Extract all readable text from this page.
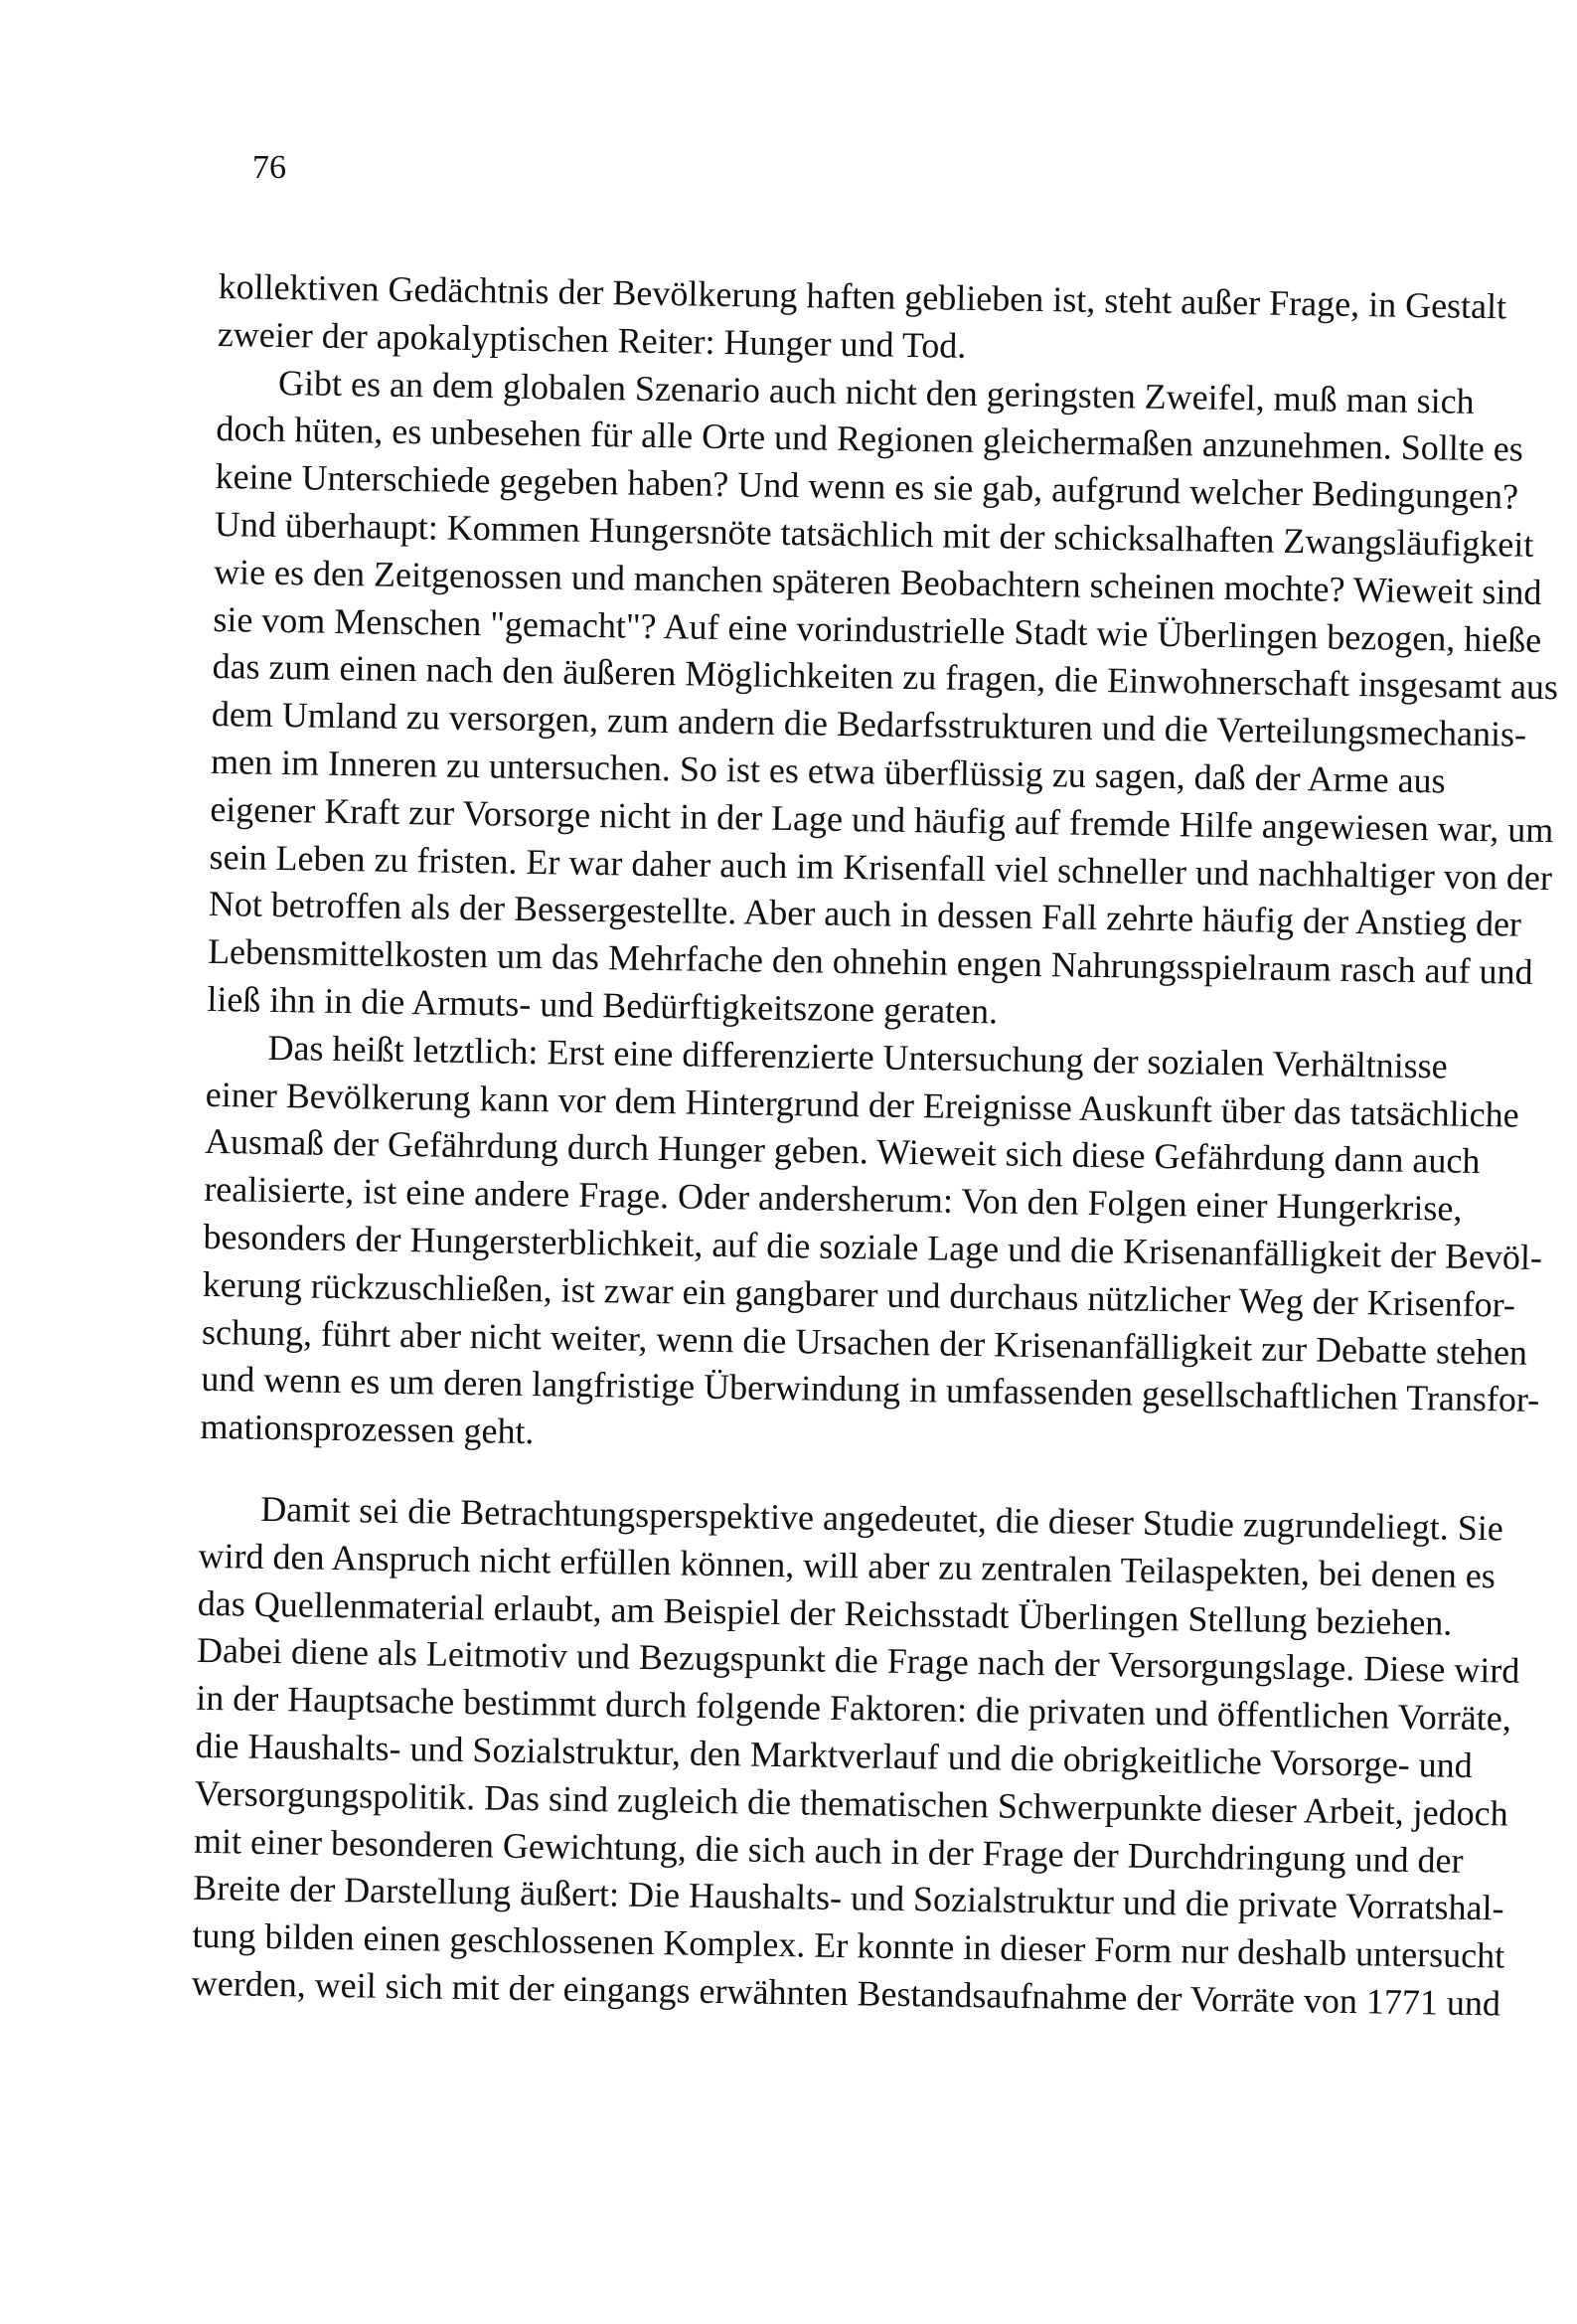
76
kollektiven Gedächtnis der Bevölkerung haften geblieben ist, steht außer Frage, in Gestalt
zweier der apokalyptischen Reiter: Hunger und Tod.
Gibt es an dem globalen Szenario auch nicht den geringsten Zweifel, muß man sich
doch hüten, es unbesehen für alle Orte und Regionen gleichermaßen anzunehmen. Sollte es
keine Unterschiede gegeben haben? Und wenn es sie gab, aufgrund welcher Bedingungen?
Und überhaupt: Kommen Hungersnöte tatsächlich mit der schicksalhaften Zwangsläufigkeit
wie es den Zeitgenossen und manchen späteren Beobachtern scheinen mochte? Wieweit sind
sie vom Menschen "gemacht"? Auf eine vorindustrielle Stadt wie Überlingen bezogen, hieße
das zum einen nach den äußeren Möglichkeiten zu fragen, die Einwohnerschaft insgesamt aus
dem Umland zu versorgen, zum andern die Bedarfsstrukturen und die Verteilungsmechanis-
men im Inneren zu untersuchen. So ist es etwa überflüssig zu sagen, daß der Arme aus
eigener Kraft zur Vorsorge nicht in der Lage und häufig auf fremde Hilfe angewiesen war, um
sein Leben zu fristen. Er war daher auch im Krisenfall viel schneller und nachhaltiger von der
Not betroffen als der Bessergestellte. Aber auch in dessen Fall zehrte häufig der Anstieg der
Lebensmittelkosten um das Mehrfache den ohnehin engen Nahrungsspielraum rasch auf und
ließ ihn in die Armuts- und Bedürftigkeitszone geraten.
Das heißt letztlich: Erst eine differenzierte Untersuchung der sozialen Verhältnisse
einer Bevölkerung kann vor dem Hintergrund der Ereignisse Auskunft über das tatsächliche
Ausmaß der Gefährdung durch Hunger geben. Wieweit sich diese Gefährdung dann auch
realisierte, ist eine andere Frage. Oder andersherum: Von den Folgen einer Hungerkrise,
besonders der Hungersterblichkeit, auf die soziale Lage und die Krisenanfälligkeit der Bevöl-
kerung rückzuschließen, ist zwar ein gangbarer und durchaus nützlicher Weg der Krisenfor-
schung, führt aber nicht weiter, wenn die Ursachen der Krisenanfälligkeit zur Debatte stehen
und wenn es um deren langfristige Überwindung in umfassenden gesellschaftlichen Transfor-
mationsprozessen geht.
Damit sei die Betrachtungsperspektive angedeutet, die dieser Studie zugrundeliegt. Sie
wird den Anspruch nicht erfüllen können, will aber zu zentralen Teilaspekten, bei denen es
das Quellenmaterial erlaubt, am Beispiel der Reichsstadt Überlingen Stellung beziehen.
Dabei diene als Leitmotiv und Bezugspunkt die Frage nach der Versorgungslage. Diese wird
in der Hauptsache bestimmt durch folgende Faktoren: die privaten und öffentlichen Vorräte,
die Haushalts- und Sozialstruktur, den Marktverlauf und die obrigkeitliche Vorsorge- und
Versorgungspolitik. Das sind zugleich die thematischen Schwerpunkte dieser Arbeit, jedoch
mit einer besonderen Gewichtung, die sich auch in der Frage der Durchdringung und der
Breite der Darstellung äußert: Die Haushalts- und Sozialstruktur und die private Vorratshal-
tung bilden einen geschlossenen Komplex. Er konnte in dieser Form nur deshalb untersucht
werden, weil sich mit der eingangs erwähnten Bestandsaufnahme der Vorräte von 1771 und
